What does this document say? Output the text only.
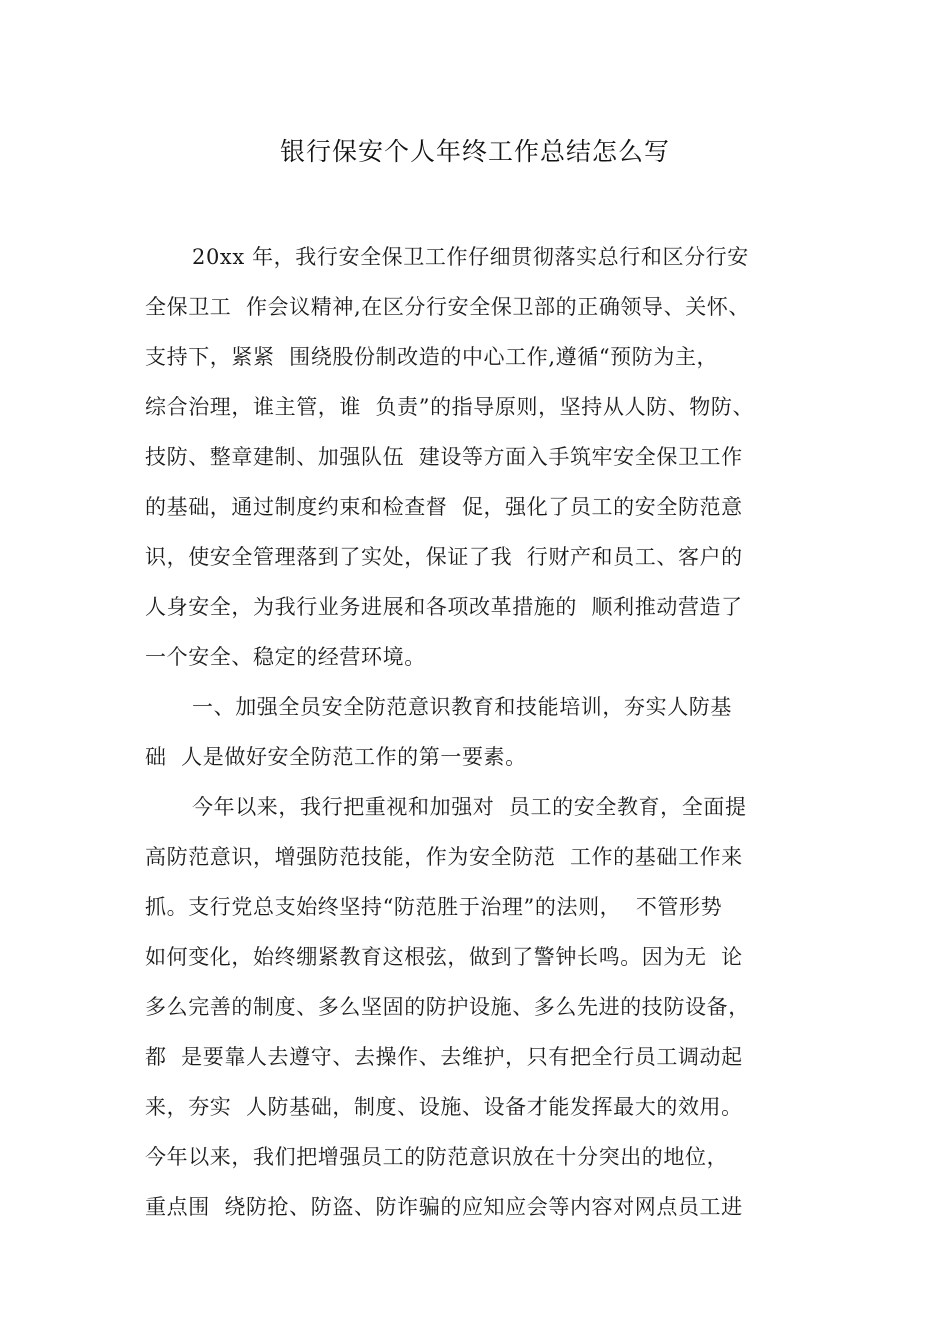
银行保安个人年终工作总结怎么写
20xx 年，我行安全保卫工作仔细贯彻落实总行和区分行安
全保卫工  作会议精神,在区分行安全保卫部的正确领导、关怀、
支持下，紧紧  围绕股份制改造的中心工作,遵循“预防为主，
综合治理，谁主管，谁  负责”的指导原则，坚持从人防、物防、
技防、整章建制、加强队伍  建设等方面入手筑牢安全保卫工作
的基础，通过制度约束和检查督  促，强化了员工的安全防范意
识，使安全管理落到了实处，保证了我  行财产和员工、客户的
人身安全，为我行业务进展和各项改革措施的  顺利推动营造了
一个安全、稳定的经营环境。
一、加强全员安全防范意识教育和技能培训，夯实人防基
础  人是做好安全防范工作的第一要素。
今年以来，我行把重视和加强对  员工的安全教育，全面提
高防范意识，增强防范技能，作为安全防范  工作的基础工作来
抓。支行党总支始终坚持“防范胜于治理”的法则，  不管形势
如何变化，始终绷紧教育这根弦，做到了警钟长鸣。因为无  论
多么完善的制度、多么坚固的防护设施、多么先进的技防设备，
都  是要靠人去遵守、去操作、去维护，只有把全行员工调动起
来，夯实  人防基础，制度、设施、设备才能发挥最大的效用。
今年以来，我们把增强员工的防范意识放在十分突出的地位，
重点围  绕防抢、防盗、防诈骗的应知应会等内容对网点员工进
